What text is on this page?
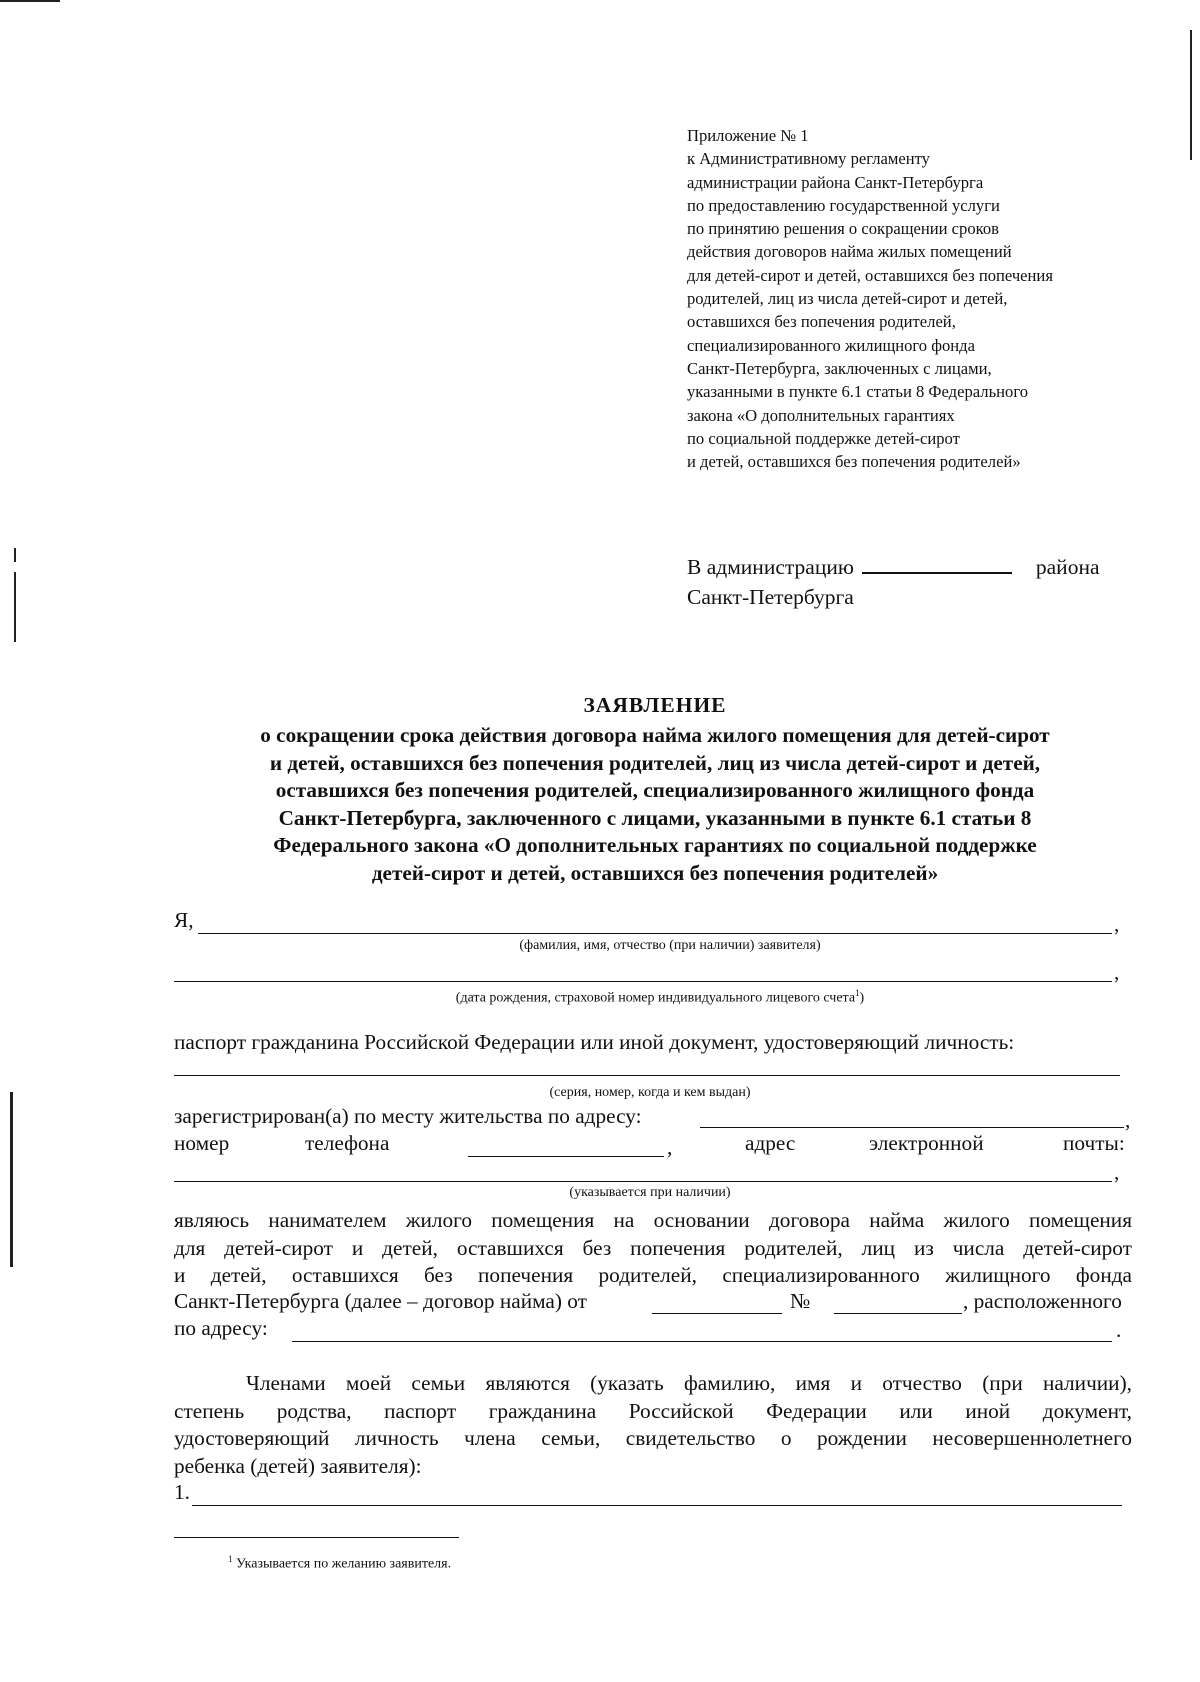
Приложение № 1
к Административному регламенту
администрации района Санкт-Петербурга
по предоставлению государственной услуги
по принятию решения о сокращении сроков
действия договоров найма жилых помещений
для детей-сирот и детей, оставшихся без попечения
родителей, лиц из числа детей-сирот и детей,
оставшихся без попечения родителей,
специализированного жилищного фонда
Санкт-Петербурга, заключенных с лицами,
указанными в пункте 6.1 статьи 8 Федерального
закона «О дополнительных гарантиях
по социальной поддержке детей-сирот
и детей, оставшихся без попечения родителей»
В администрацию	района
Санкт-Петербурга
ЗАЯВЛЕНИЕ
о сокращении срока действия договора найма жилого помещения для детей-сирот
и детей, оставшихся без попечения родителей, лиц из числа детей-сирот и детей,
оставшихся без попечения родителей, специализированного жилищного фонда
Санкт-Петербурга, заключенного с лицами, указанными в пункте 6.1 статьи 8
Федерального закона «О дополнительных гарантиях по социальной поддержке
детей-сирот и детей, оставшихся без попечения родителей»
Я,	,
(фамилия, имя, отчество (при наличии) заявителя)
,
(дата рождения, страховой номер индивидуального лицевого счета$^1$)
паспорт гражданина Российской Федерации или иной документ, удостоверяющий личность:
(серия, номер, когда и кем выдан)
зарегистрирован(а) по месту жительства по адресу:	,
номер	телефона	,	адрес	электронной	почты:
,
(указывается при наличии)
являюсь нанимателем жилого помещения на основании договора найма жилого помещения
для детей-сирот и детей, оставшихся без попечения родителей, лиц из числа детей-сирот
и детей, оставшихся без попечения родителей, специализированного жилищного фонда
Санкт-Петербурга (далее – договор найма) от	№	, расположенного
по адресу:	.
Членами моей семьи являются (указать фамилию, имя и отчество (при наличии),
степень родства, паспорт гражданина Российской Федерации или иной документ,
удостоверяющий личность члена семьи, свидетельство о рождении несовершеннолетнего
ребенка (детей) заявителя):
1.
$^1$ Указывается по желанию заявителя.
